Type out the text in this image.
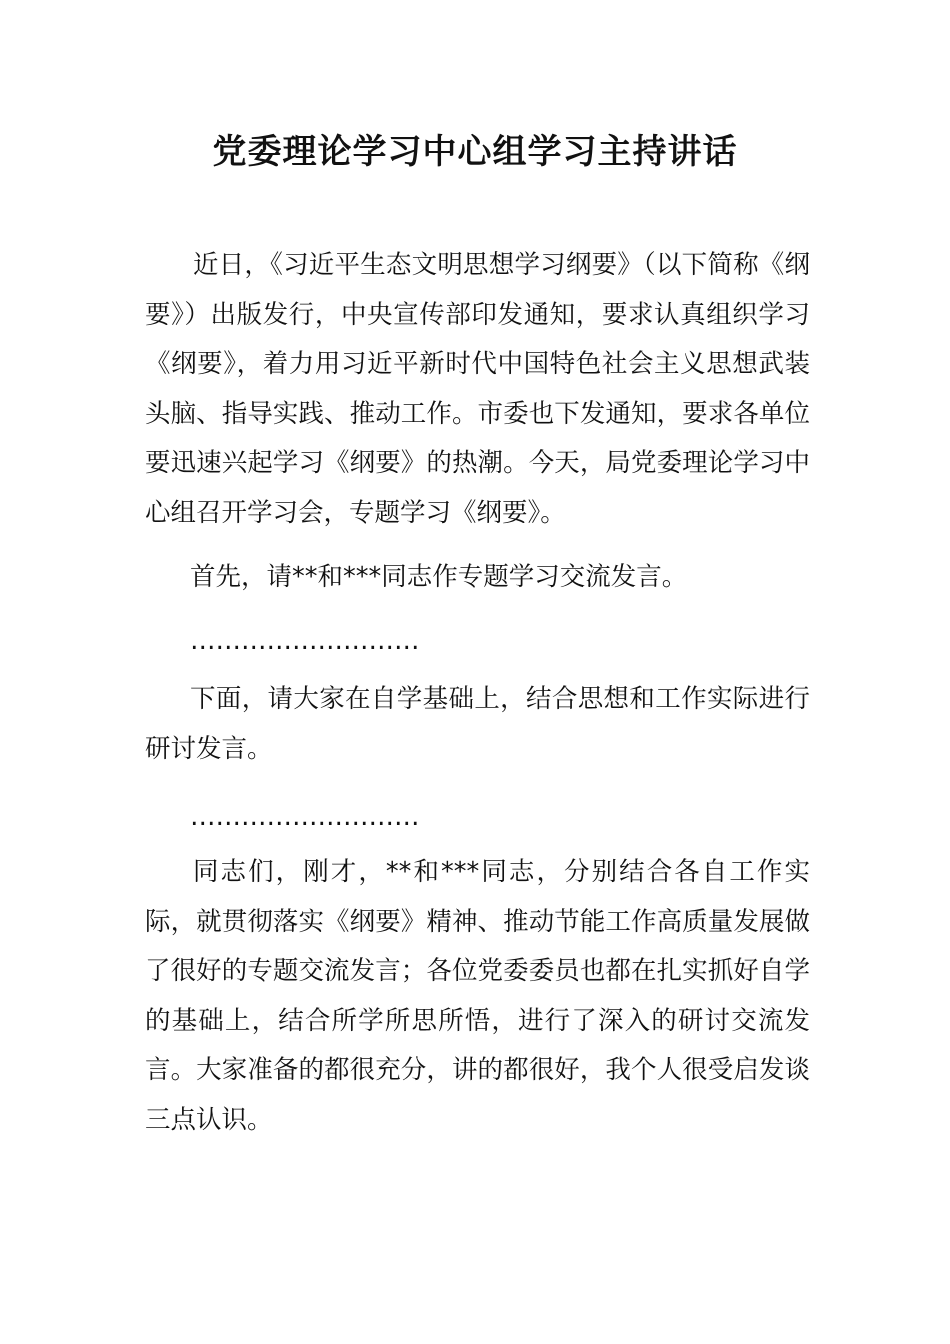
党委理论学习中心组学习主持讲话

近日，《习近平生态文明思想学习纲要》（以下简称《纲要》）出版发行，中央宣传部印发通知，要求认真组织学习《纲要》，着力用习近平新时代中国特色社会主义思想武装头脑、指导实践、推动工作。市委也下发通知，要求各单位要迅速兴起学习《纲要》的热潮。今天，局党委理论学习中心组召开学习会，专题学习《纲要》。

首先，请**和***同志作专题学习交流发言。

………………………

下面，请大家在自学基础上，结合思想和工作实际进行研讨发言。

………………………

同志们，刚才，**和***同志，分别结合各自工作实际，就贯彻落实《纲要》精神、推动节能工作高质量发展做了很好的专题交流发言；各位党委委员也都在扎实抓好自学的基础上，结合所学所思所悟，进行了深入的研讨交流发言。大家准备的都很充分，讲的都很好，我个人很受启发谈三点认识。
